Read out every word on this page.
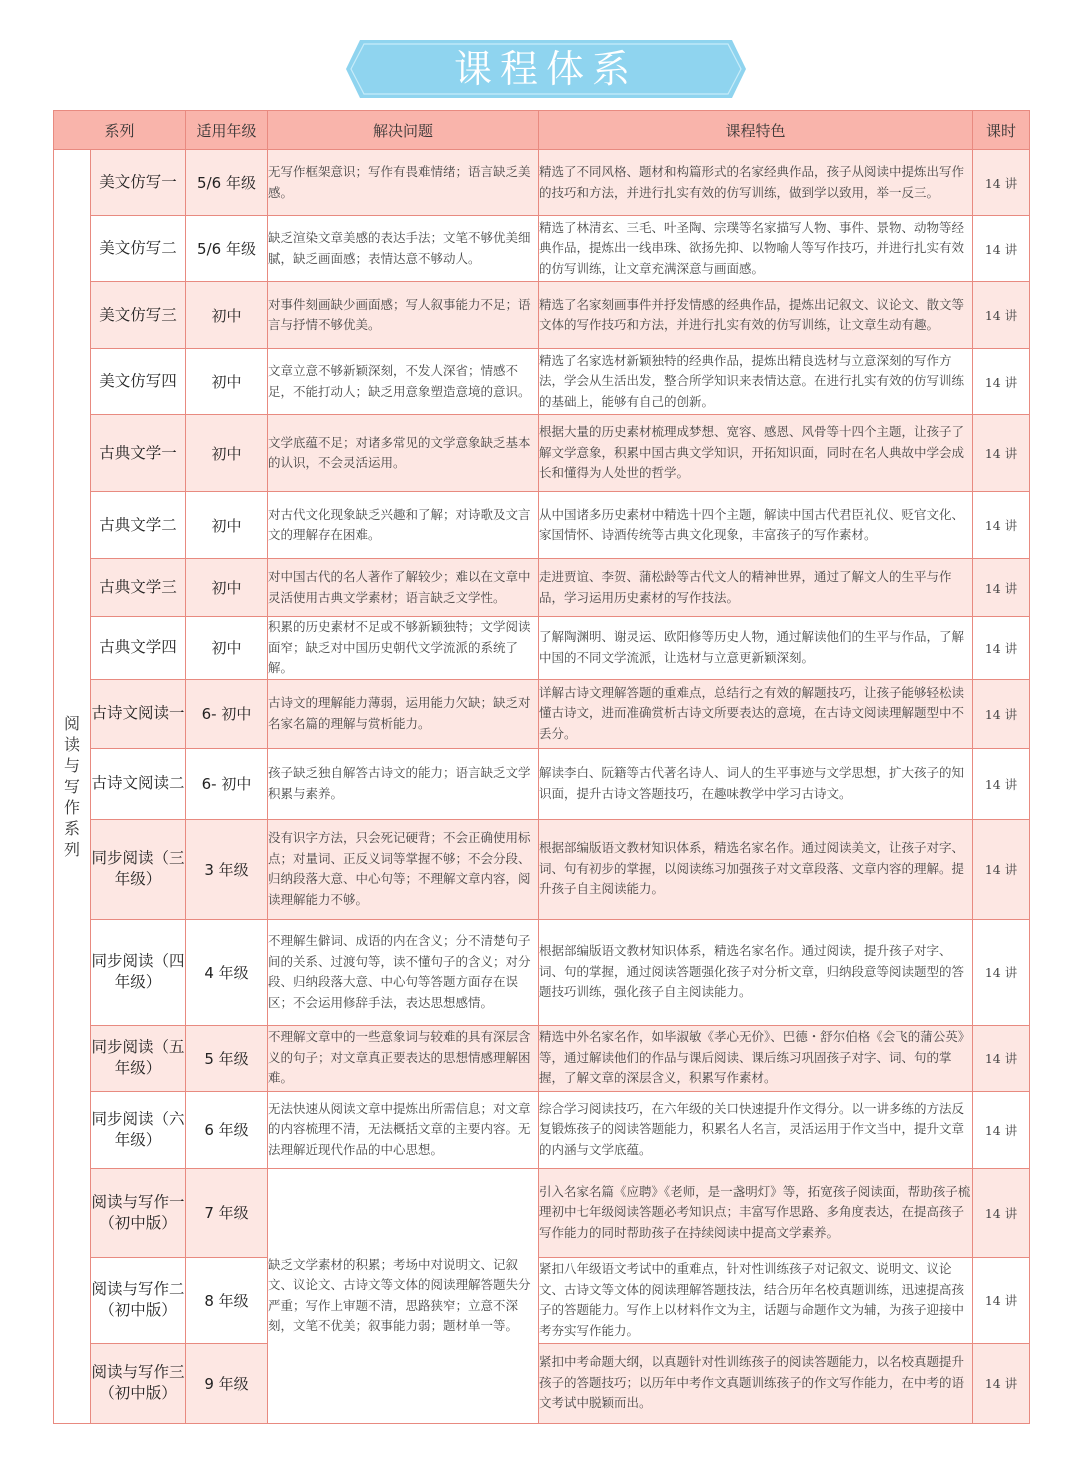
课程体系
系列		适用年级	解决问题	课程特色	课时

阅读与写作系列	美文仿写一	5/6 年级	无写作框架意识；写作有畏难情绪；语言缺乏美感。	精选了不同风格、题材和构篇形式的名家经典作品，孩子从阅读中提炼出写作的技巧和方法，并进行扎实有效的仿写训练，做到学以致用，举一反三。	14 讲
	美文仿写二	5/6 年级	缺乏渲染文章美感的表达手法；文笔不够优美细腻，缺乏画面感；表情达意不够动人。	精选了林清玄、三毛、叶圣陶、宗璞等名家描写人物、事件、景物、动物等经典作品，提炼出一线串珠、欲扬先抑、以物喻人等写作技巧，并进行扎实有效的仿写训练，让文章充满深意与画面感。	14 讲
	美文仿写三	初中	对事件刻画缺少画面感；写人叙事能力不足；语言与抒情不够优美。	精选了名家刻画事件并抒发情感的经典作品，提炼出记叙文、议论文、散文等文体的写作技巧和方法，并进行扎实有效的仿写训练，让文章生动有趣。	14 讲
	美文仿写四	初中	文章立意不够新颖深刻，不发人深省；情感不足，不能打动人；缺乏用意象塑造意境的意识。	精选了名家选材新颖独特的经典作品，提炼出精良选材与立意深刻的写作方法，学会从生活出发，整合所学知识来表情达意。在进行扎实有效的仿写训练的基础上，能够有自己的创新。	14 讲
	古典文学一	初中	文学底蕴不足；对诸多常见的文学意象缺乏基本的认识，不会灵活运用。	根据大量的历史素材梳理成梦想、宽容、感恩、风骨等十四个主题，让孩子了解文学意象，积累中国古典文学知识，开拓知识面，同时在名人典故中学会成长和懂得为人处世的哲学。	14 讲
	古典文学二	初中	对古代文化现象缺乏兴趣和了解；对诗歌及文言文的理解存在困难。	从中国诸多历史素材中精选十四个主题，解读中国古代君臣礼仪、贬官文化、家国情怀、诗酒传统等古典文化现象，丰富孩子的写作素材。	14 讲
	古典文学三	初中	对中国古代的名人著作了解较少；难以在文章中灵活使用古典文学素材；语言缺乏文学性。	走进贾谊、李贺、蒲松龄等古代文人的精神世界，通过了解文人的生平与作品，学习运用历史素材的写作技法。	14 讲
	古典文学四	初中	积累的历史素材不足或不够新颖独特；文学阅读面窄；缺乏对中国历史朝代文学流派的系统了解。	了解陶渊明、谢灵运、欧阳修等历史人物，通过解读他们的生平与作品，了解中国的不同文学流派，让选材与立意更新颖深刻。	14 讲
	古诗文阅读一	6- 初中	古诗文的理解能力薄弱，运用能力欠缺；缺乏对名家名篇的理解与赏析能力。	详解古诗文理解答题的重难点，总结行之有效的解题技巧，让孩子能够轻松读懂古诗文，进而准确赏析古诗文所要表达的意境，在古诗文阅读理解题型中不丢分。	14 讲
	古诗文阅读二	6- 初中	孩子缺乏独自解答古诗文的能力；语言缺乏文学积累与素养。	解读李白、阮籍等古代著名诗人、词人的生平事迹与文学思想，扩大孩子的知识面，提升古诗文答题技巧，在趣味教学中学习古诗文。	14 讲
	同步阅读（三年级）	3 年级	没有识字方法，只会死记硬背；不会正确使用标点；对量词、正反义词等掌握不够；不会分段、归纳段落大意、中心句等；不理解文章内容，阅读理解能力不够。	根据部编版语文教材知识体系，精选名家名作。通过阅读美文，让孩子对字、词、句有初步的掌握，以阅读练习加强孩子对文章段落、文章内容的理解。提升孩子自主阅读能力。	14 讲
	同步阅读（四年级）	4 年级	不理解生僻词、成语的内在含义；分不清楚句子间的关系、过渡句等，读不懂句子的含义；对分段、归纳段落大意、中心句等答题方面存在误区；不会运用修辞手法，表达思想感情。	根据部编版语文教材知识体系，精选名家名作。通过阅读，提升孩子对字、词、句的掌握，通过阅读答题强化孩子对分析文章，归纳段意等阅读题型的答题技巧训练，强化孩子自主阅读能力。	14 讲
	同步阅读（五年级）	5 年级	不理解文章中的一些意象词与较难的具有深层含义的句子；对文章真正要表达的思想情感理解困难。	精选中外名家名作，如毕淑敏《孝心无价》、巴德・舒尔伯格《会飞的蒲公英》等，通过解读他们的作品与课后阅读、课后练习巩固孩子对字、词、句的掌握，了解文章的深层含义，积累写作素材。	14 讲
	同步阅读（六年级）	6 年级	无法快速从阅读文章中提炼出所需信息；对文章的内容梳理不清，无法概括文章的主要内容。无法理解近现代作品的中心思想。	综合学习阅读技巧，在六年级的关口快速提升作文得分。以一讲多练的方法反复锻炼孩子的阅读答题能力，积累名人名言，灵活运用于作文当中，提升文章的内涵与文学底蕴。	14 讲
	阅读与写作一（初中版）	7 年级	缺乏文学素材的积累；考场中对说明文、记叙文、议论文、古诗文等文体的阅读理解答题失分严重；写作上审题不清，思路狭窄；立意不深刻，文笔不优美；叙事能力弱；题材单一等。	引入名家名篇《应聘》《老师，是一盏明灯》等，拓宽孩子阅读面，帮助孩子梳理初中七年级阅读答题必考知识点；丰富写作思路、多角度表达，在提高孩子写作能力的同时帮助孩子在持续阅读中提高文学素养。	14 讲
	阅读与写作二（初中版）	8 年级		紧扣八年级语文考试中的重难点，针对性训练孩子对记叙文、说明文、议论文、古诗文等文体的阅读理解答题技法，结合历年名校真题训练，迅速提高孩子的答题能力。写作上以材料作文为主，话题与命题作文为辅，为孩子迎接中考夯实写作能力。	14 讲
	阅读与写作三（初中版）	9 年级		紧扣中考命题大纲，以真题针对性训练孩子的阅读答题能力，以名校真题提升孩子的答题技巧；以历年中考作文真题训练孩子的作文写作能力，在中考的语文考试中脱颖而出。	14 讲
